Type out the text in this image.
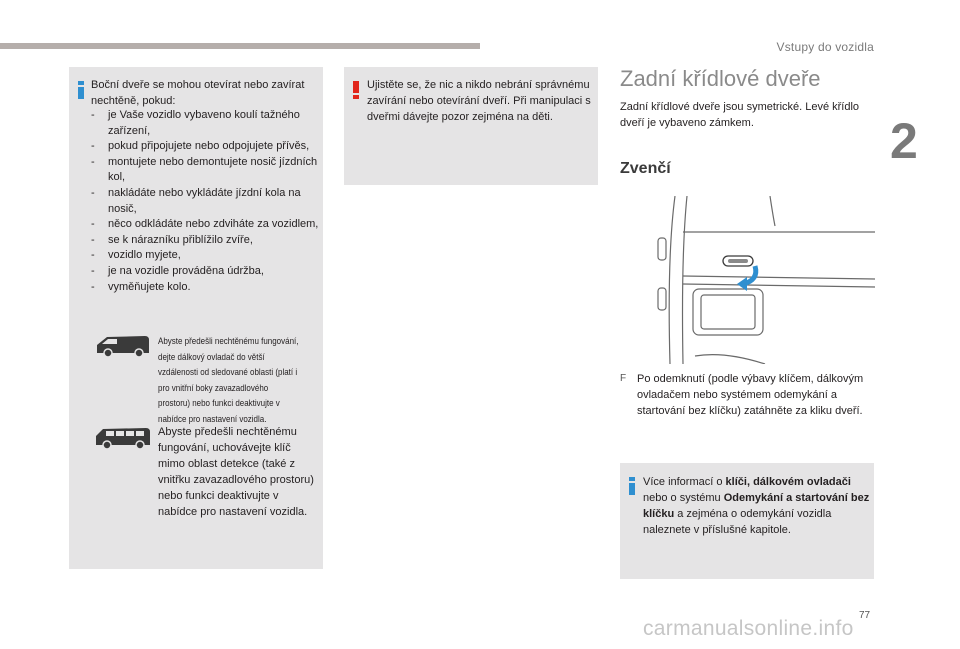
Vstupy do vozidla
2
77
carmanualsonline.info
Boční dveře se mohou otevírat nebo zavírat nechtěně, pokud:
- je Vaše vozidlo vybaveno koulí tažného zařízení,
- pokud připojujete nebo odpojujete přívěs,
- montujete nebo demontujete nosič jízdních kol,
- nakládáte nebo vykládáte jízdní kola na nosič,
- něco odkládáte nebo zdviháte za vozidlem,
- se k nárazníku přiblížilo zvíře,
- vozidlo myjete,
- je na vozidle prováděna údržba,
- vyměňujete kolo.
Abyste předešli nechtěnému fungování, dejte dálkový ovladač do větší vzdálenosti od sledované oblasti (platí i pro vnitřní boky zavazadlového prostoru) nebo funkci deaktivujte v nabídce pro nastavení vozidla.
Abyste předešli nechtěnému fungování, uchovávejte klíč mimo oblast detekce (také z vnitřku zavazadlového prostoru) nebo funkci deaktivujte v nabídce pro nastavení vozidla.
Ujistěte se, že nic a nikdo nebrání správnému zavírání nebo otevírání dveří. Při manipulaci s dveřmi dávejte pozor zejména na děti.
Zadní křídlové dveře
Zadní křídlové dveře jsou symetrické. Levé křídlo dveří je vybaveno zámkem.
Zvenčí
F Po odemknutí (podle výbavy klíčem, dálkovým ovladačem nebo systémem odemykání a startování bez klíčku) zatáhněte za kliku dveří.
Více informací o klíči, dálkovém ovladači nebo o systému Odemykání a startování bez klíčku a zejména o odemykání vozidla naleznete v příslušné kapitole.
